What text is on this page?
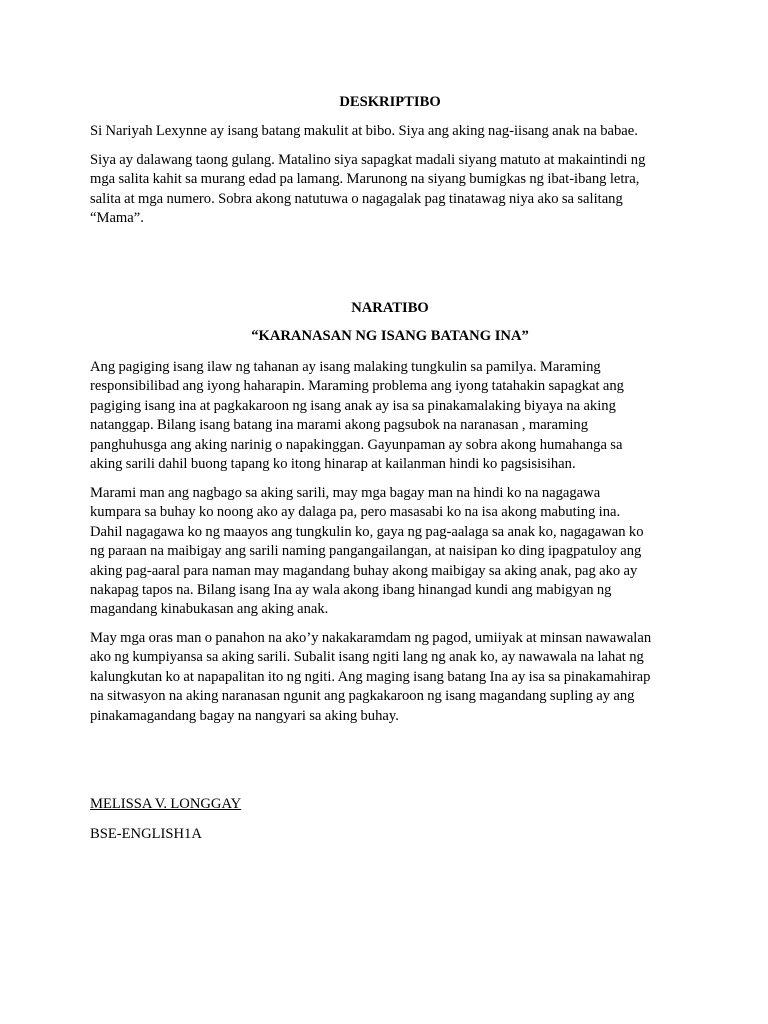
DESKRIPTIBO

Si Nariyah Lexynne ay isang batang makulit at bibo. Siya ang aking nag-iisang anak na babae.

Siya ay dalawang taong gulang. Matalino siya sapagkat madali siyang matuto at makaintindi ng

mga salita kahit sa murang edad pa lamang. Marunong na siyang bumigkas ng ibat-ibang letra,

salita at mga numero. Sobra akong natutuwa o nagagalak pag tinatawag niya ako sa salitang

“Mama”.

NARATIBO
“KARANASAN NG ISANG BATANG INA”

Ang pagiging isang ilaw ng tahanan ay isang malaking tungkulin sa pamilya. Maraming

responsibilibad ang iyong haharapin. Maraming problema ang iyong tatahakin sapagkat ang

pagiging isang ina at pagkakaroon ng isang anak ay isa sa pinakamalaking biyaya na aking

natanggap. Bilang isang batang ina marami akong pagsubok na naranasan , maraming

panghuhusga ang aking narinig o napakinggan. Gayunpaman ay sobra akong humahanga sa

aking sarili dahil buong tapang ko itong hinarap at kailanman hindi ko pagsisisihan.

Marami man ang nagbago sa aking sarili, may mga bagay man na hindi ko na nagagawa

kumpara sa buhay ko noong ako ay dalaga pa, pero masasabi ko na isa akong mabuting ina.

Dahil nagagawa ko ng maayos ang tungkulin ko, gaya ng pag-aalaga sa anak ko, nagagawan ko

ng paraan na maibigay ang sarili naming pangangailangan, at naisipan ko ding ipagpatuloy ang

aking pag-aaral para naman may magandang buhay akong maibigay sa aking anak, pag ako ay

nakapag tapos na. Bilang isang Ina ay wala akong ibang hinangad kundi ang mabigyan ng

magandang kinabukasan ang aking anak.

May mga oras man o panahon na ako’y nakakaramdam ng pagod, umiiyak at minsan nawawalan

ako ng kumpiyansa sa aking sarili. Subalit isang ngiti lang ng anak ko, ay nawawala na lahat ng

kalungkutan ko at napapalitan ito ng ngiti. Ang maging isang batang Ina ay isa sa pinakamahirap

na sitwasyon na aking naranasan ngunit ang pagkakaroon ng isang magandang supling ay ang

pinakamagandang bagay na nangyari sa aking buhay.

MELISSA V. LONGGAY

BSE-ENGLISH1A
